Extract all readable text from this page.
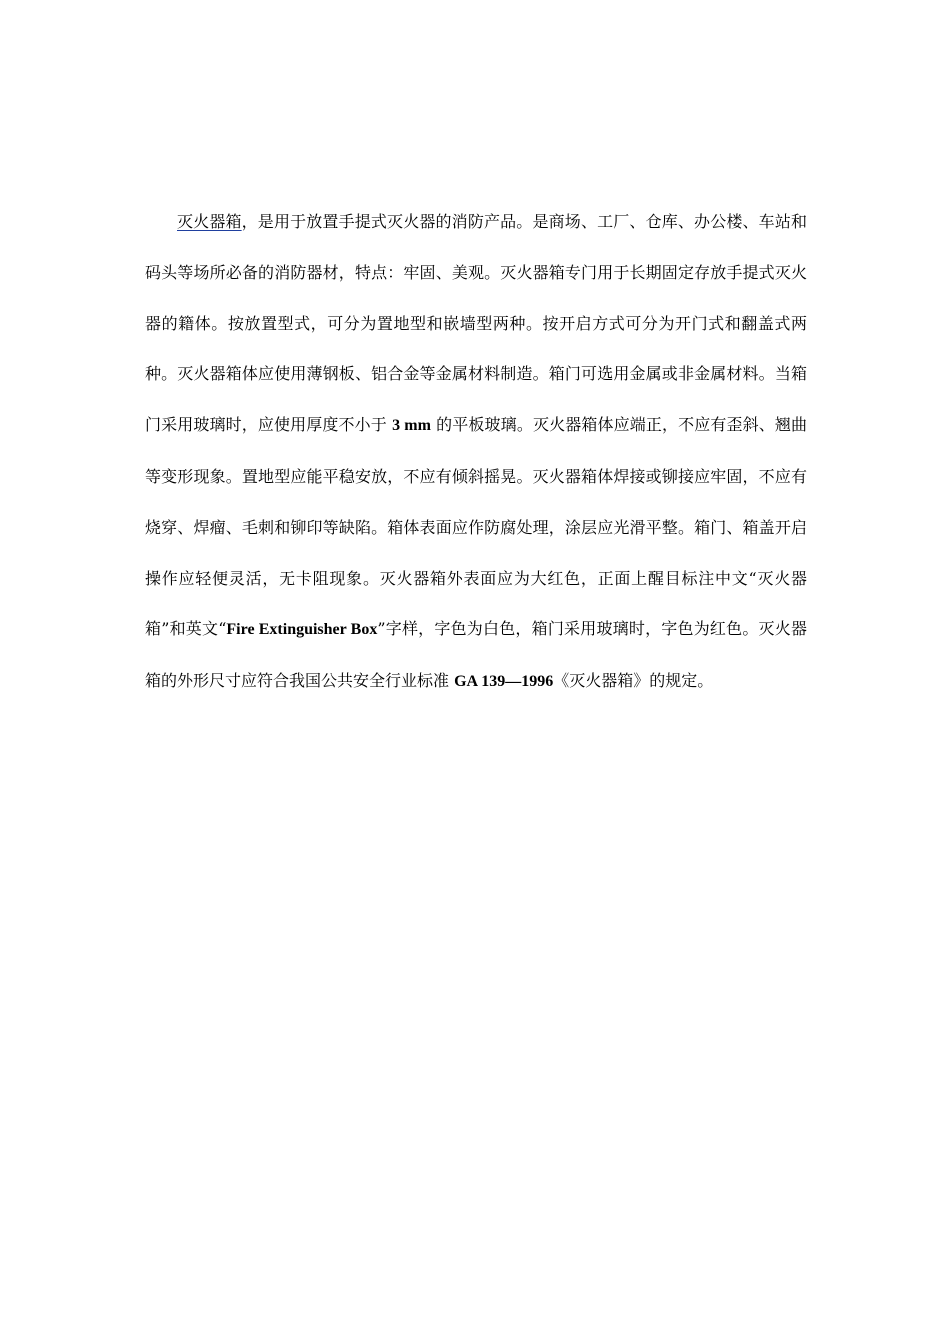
灭火器箱，是用于放置手提式灭火器的消防产品。是商场、工厂、仓库、办公楼、车站和码头等场所必备的消防器材，特点：牢固、美观。灭火器箱专门用于长期固定存放手提式灭火器的籍体。按放置型式，可分为置地型和嵌墙型两种。按开启方式可分为开门式和翻盖式两种。灭火器箱体应使用薄钢板、铝合金等金属材料制造。箱门可选用金属或非金属材料。当箱门采用玻璃时，应使用厚度不小于 3 mm 的平板玻璃。灭火器箱体应端正，不应有歪斜、翘曲等变形现象。置地型应能平稳安放，不应有倾斜摇晃。灭火器箱体焊接或铆接应牢固，不应有烧穿、焊瘤、毛刺和铆印等缺陷。箱体表面应作防腐处理，涂层应光滑平整。箱门、箱盖开启操作应轻便灵活，无卡阻现象。灭火器箱外表面应为大红色，正面上醒目标注中文“灭火器箱”和英文“Fire Extinguisher Box”字样，字色为白色，箱门采用玻璃时，字色为红色。灭火器箱的外形尺寸应符合我国公共安全行业标准 GA 139—1996《灭火器箱》的规定。
